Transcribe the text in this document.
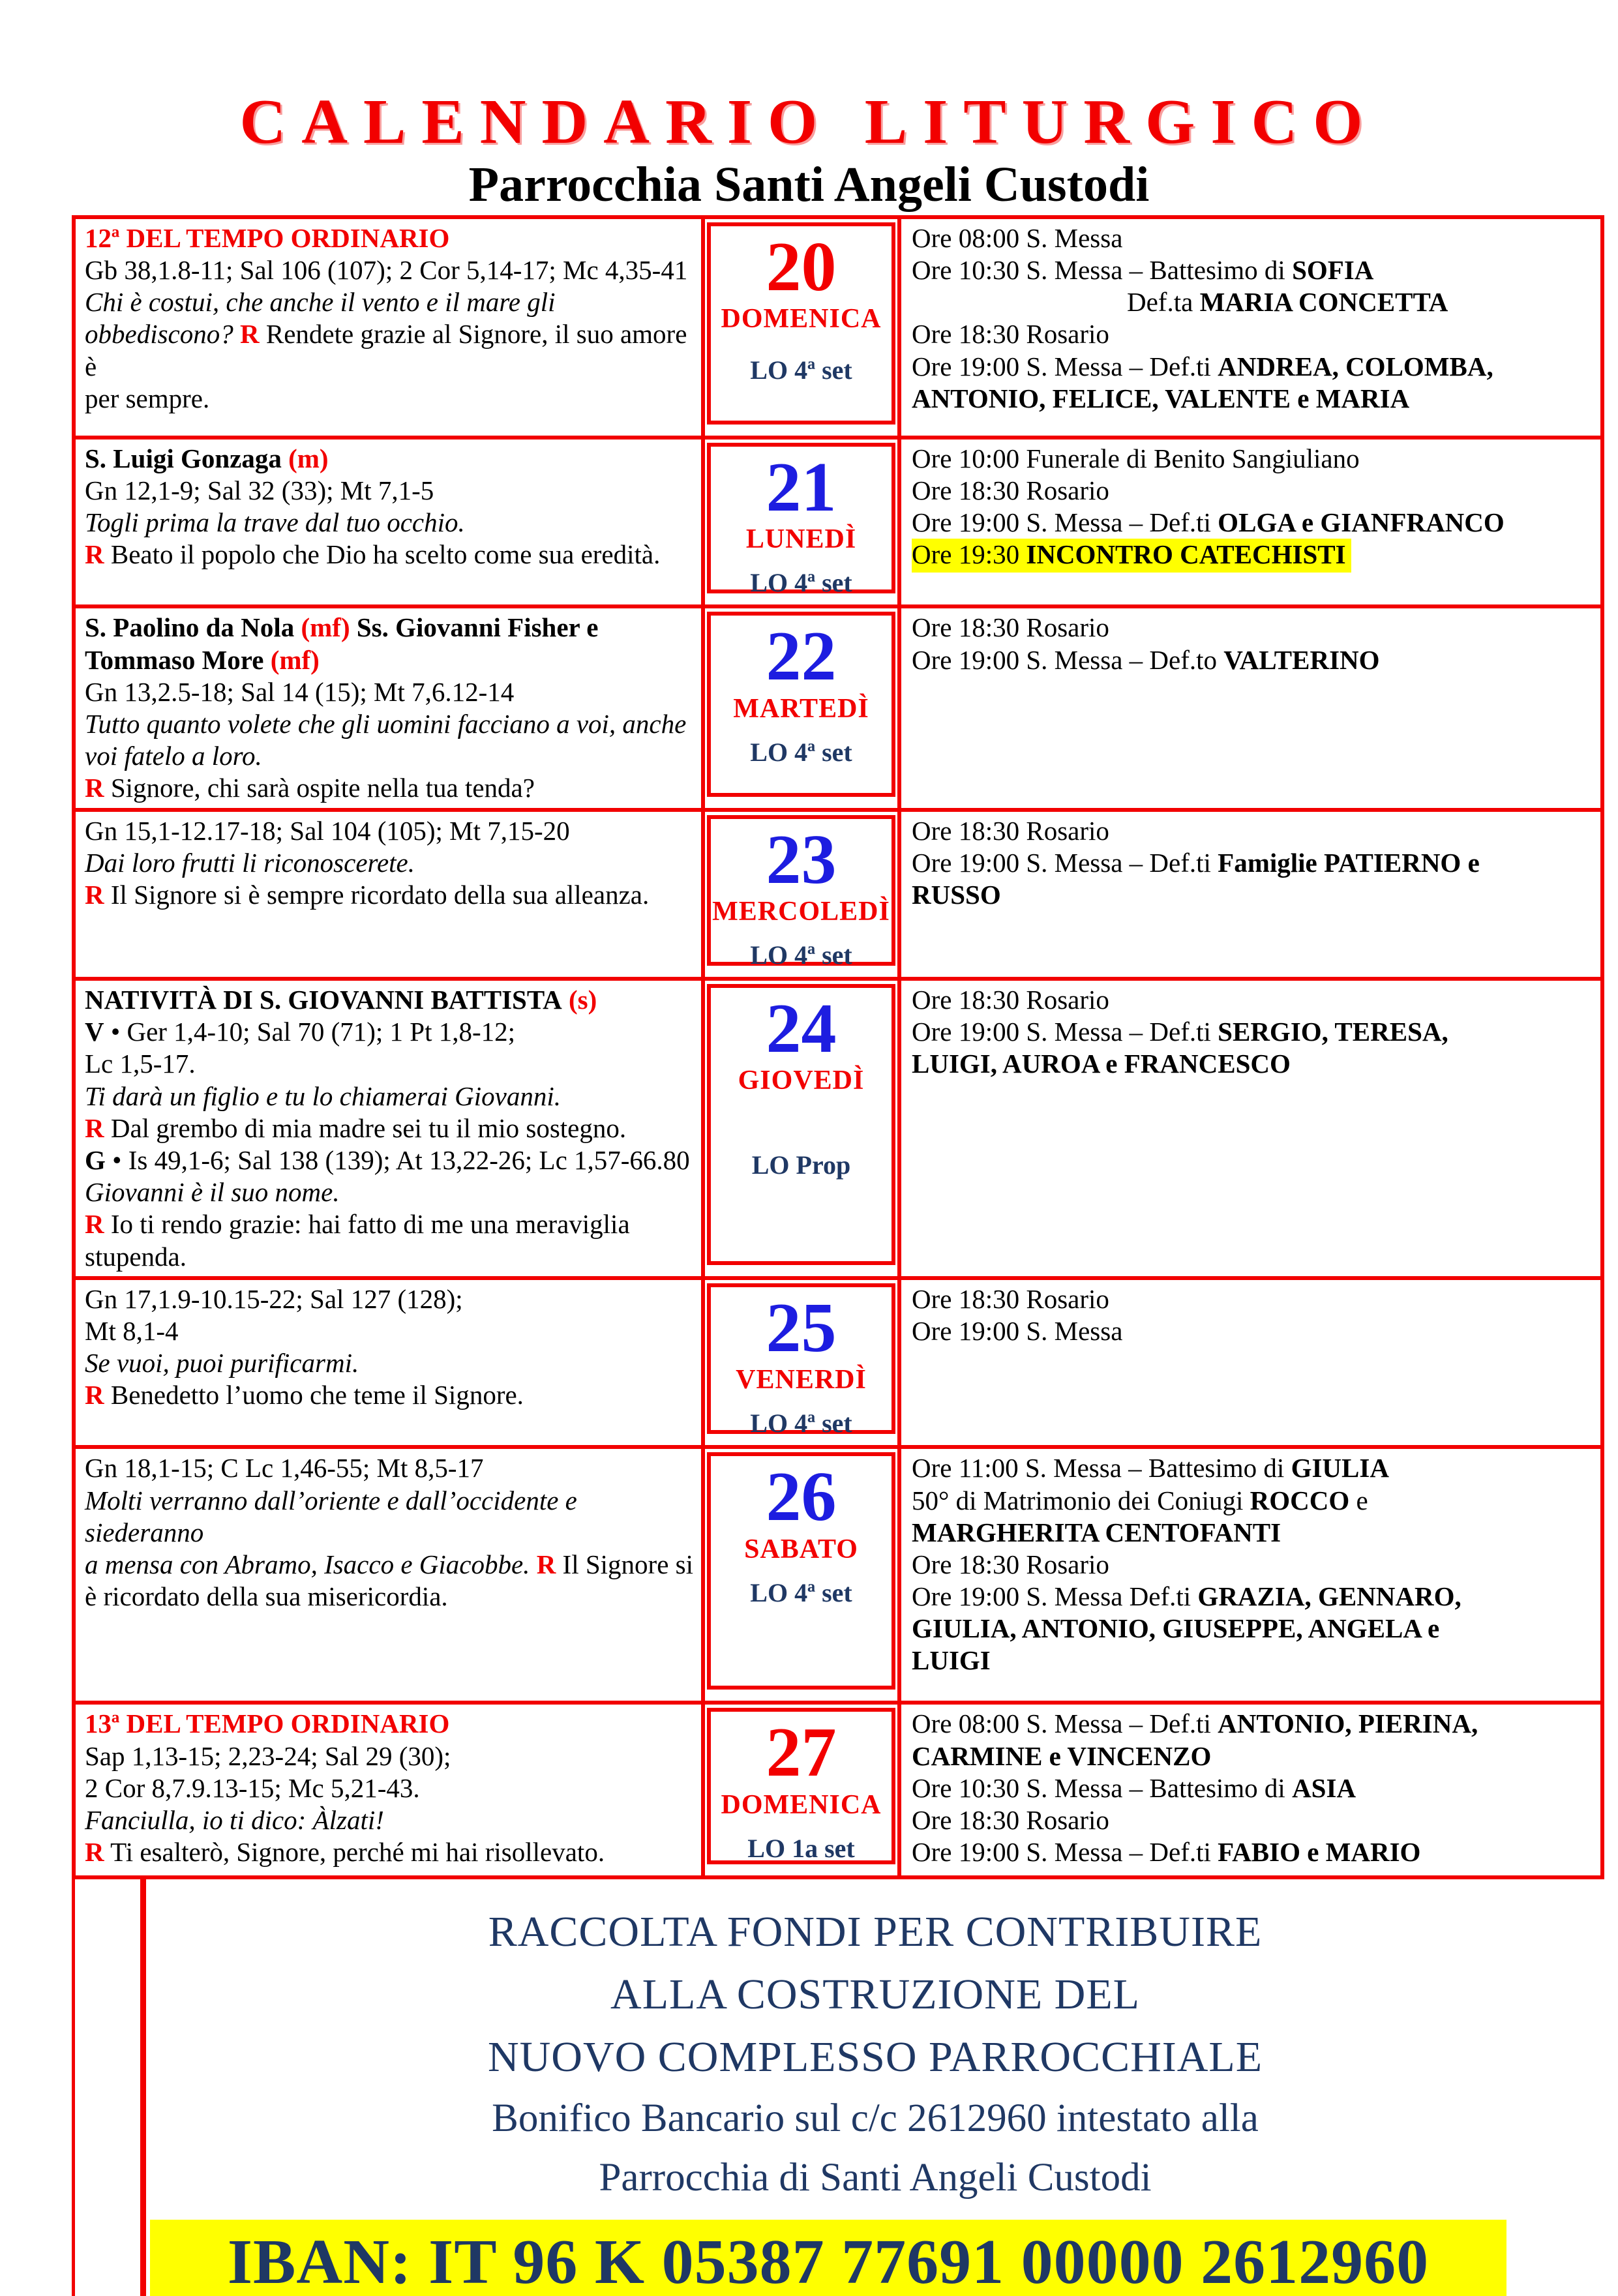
CALENDARIO LITURGICO
Parrocchia Santi Angeli Custodi
12ª DEL TEMPO ORDINARIO
Gb 38,1.8-11; Sal 106 (107); 2 Cor 5,14-17; Mc 4,35-41
Chi è costui, che anche il vento e il mare gli
obbediscono? R Rendete grazie al Signore, il suo amore è
per sempre.
20
DOMENICA
LO 4ª set
Ore 08:00 S. Messa
Ore 10:30 S. Messa – Battesimo di SOFIA
Def.ta MARIA CONCETTA
Ore 18:30 Rosario
Ore 19:00 S. Messa – Def.ti ANDREA, COLOMBA,
ANTONIO, FELICE, VALENTE e MARIA
S. Luigi Gonzaga (m)
Gn 12,1-9; Sal 32 (33); Mt 7,1-5
Togli prima la trave dal tuo occhio.
R Beato il popolo che Dio ha scelto come sua eredità.
21
LUNEDÌ
LO 4ª set
Ore 10:00 Funerale di Benito Sangiuliano
Ore 18:30 Rosario
Ore 19:00 S. Messa – Def.ti OLGA e GIANFRANCO
Ore 19:30 INCONTRO CATECHISTI
S. Paolino da Nola (mf) Ss. Giovanni Fisher e
Tommaso More (mf)
Gn 13,2.5-18; Sal 14 (15); Mt 7,6.12-14
Tutto quanto volete che gli uomini facciano a voi, anche
voi fatelo a loro.
R Signore, chi sarà ospite nella tua tenda?
22
MARTEDÌ
LO 4ª set
Ore 18:30 Rosario
Ore 19:00 S. Messa – Def.to VALTERINO
Gn 15,1-12.17-18; Sal 104 (105); Mt 7,15-20
Dai loro frutti li riconoscerete.
R Il Signore si è sempre ricordato della sua alleanza.	23
MERCOLEDÌ
LO 4ª set
Ore 18:30 Rosario
Ore 19:00 S. Messa – Def.ti Famiglie PATIERNO e
RUSSO
NATIVITÀ DI S. GIOVANNI BATTISTA (s)
V • Ger 1,4-10; Sal 70 (71); 1 Pt 1,8-12;
Lc 1,5-17.
Ti darà un figlio e tu lo chiamerai Giovanni.
R Dal grembo di mia madre sei tu il mio sostegno.
G • Is 49,1-6; Sal 138 (139); At 13,22-26; Lc 1,57-66.80
Giovanni è il suo nome.
R Io ti rendo grazie: hai fatto di me una meraviglia
stupenda.
24
GIOVEDÌ
LO Prop
Ore 18:30 Rosario
Ore 19:00 S. Messa – Def.ti SERGIO, TERESA,
LUIGI, AUROA e FRANCESCO
Gn 17,1.9-10.15-22; Sal 127 (128);
Mt 8,1-4
Se vuoi, puoi purificarmi.
R Benedetto l’uomo che teme il Signore.
25
VENERDÌ
LO 4ª set
Ore 18:30 Rosario
Ore 19:00 S. Messa
Gn 18,1-15; C Lc 1,46-55; Mt 8,5-17
Molti verranno dall’oriente e dall’occidente e siederanno
a mensa con Abramo, Isacco e Giacobbe. R Il Signore si
è ricordato della sua misericordia.
26
SABATO
LO 4ª set
Ore 11:00 S. Messa – Battesimo di GIULIA
50° di Matrimonio dei Coniugi ROCCO e
MARGHERITA CENTOFANTI
Ore 18:30 Rosario
Ore 19:00 S. Messa Def.ti GRAZIA, GENNARO,
GIULIA, ANTONIO, GIUSEPPE, ANGELA e
LUIGI
13ª DEL TEMPO ORDINARIO
Sap 1,13-15; 2,23-24; Sal 29 (30);
2 Cor 8,7.9.13-15; Mc 5,21-43.
Fanciulla, io ti dico: Àlzati!
R Ti esalterò, Signore, perché mi hai risollevato.
27
DOMENICA
LO 1a set
Ore 08:00 S. Messa – Def.ti ANTONIO, PIERINA,
CARMINE e VINCENZO
Ore 10:30 S. Messa – Battesimo di ASIA
Ore 18:30 Rosario
Ore 19:00 S. Messa – Def.ti FABIO e MARIO
RACCOLTA FONDI PER CONTRIBUIRE
ALLA COSTRUZIONE DEL
NUOVO COMPLESSO PARROCCHIALE
Bonifico Bancario sul c/c 2612960 intestato alla
Parrocchia di Santi Angeli Custodi
IBAN: IT 96 K 05387 77691 00000 2612960
